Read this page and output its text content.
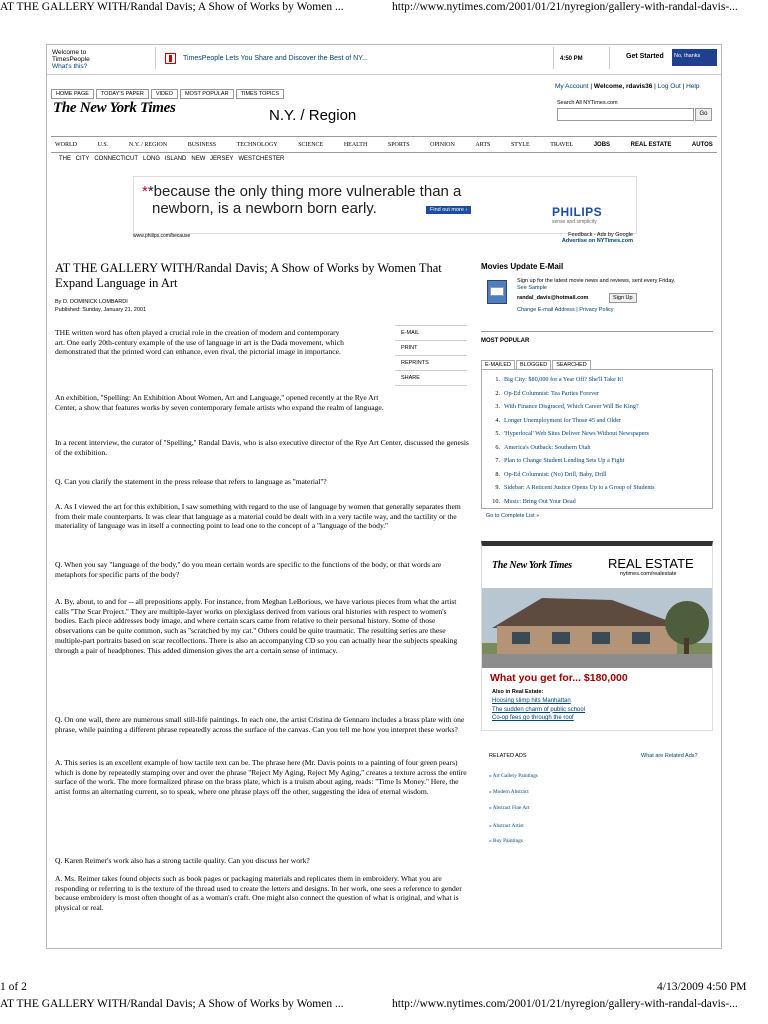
AT THE GALLERY WITH/Randal Davis; A Show of Works by Women ...	http://www.nytimes.com/2001/01/21/nyregion/gallery-with-randal-davis-...
Welcome to
TimesPeople
What's this?
TimesPeople Lets You Share and Discover the Best of NY...	4:50 PM	Get Started	No, thanks
HOME PAGE TODAY'S PAPER VIDEO MOST POPULAR TIMES TOPICS
My Account | Welcome, rdavis36 | Log Out | Help
The New York Times	N.Y. / Region
Search All NYTimes.com
Go
WORLD	U.S.	N.Y. / REGION	BUSINESS	TECHNOLOGY	SCIENCE	HEALTH	SPORTS	OPINION	ARTS	STYLE	TRAVEL	JOBS	REAL ESTATE	AUTOS
THE CITY CONNECTICUT LONG ISLAND NEW JERSEY WESTCHESTER
**because the only thing more vulnerable than a
newborn, is a newborn born early.	Find out more ›	PHILIPS
sense and simplicity
www.philips.com/because	Feedback - Ads by Google
Advertise on NYTimes.com
AT THE GALLERY WITH/Randal Davis; A Show of Works by Women That Expand Language in Art
By D. DOMINICK LOMBARDI
Published: Sunday, January 21, 2001
E-MAIL
PRINT
REPRINTS
SHARE
THE written word has often played a crucial role in the creation of modern and contemporary art. One early 20th-century example of the use of language in art is the Dada movement, which demonstrated that the printed word can enhance, even rival, the pictorial image in importance.
An exhibition, ''Spelling: An Exhibition About Women, Art and Language,'' opened recently at the Rye Art Center, a show that features works by seven contemporary female artists who expand the realm of language.
In a recent interview, the curator of ''Spelling,'' Randal Davis, who is also executive director of the Rye Art Center, discussed the genesis of the exhibition.
Q. Can you clarify the statement in the press release that refers to language as ''material''?
A. As I viewed the art for this exhibition, I saw something with regard to the use of language by women that generally separates them from their male counterparts. It was clear that language as a material could be dealt with in a very tactile way, and the tactility or the materiality of language was in itself a connecting point to lead one to the concept of a ''language of the body.''
Q. When you say ''language of the body,'' do you mean certain words are specific to the functions of the body, or that words are metaphors for specific parts of the body?
A. By, about, to and for -- all prepositions apply. For instance, from Meghan LeBorious, we have various pieces from what the artist calls ''The Scar Project.'' They are multiple-layer works on plexiglass derived from various oral histories with respect to women's bodies. Each piece addresses body image, and where certain scars came from relative to their personal history. Some of those observations can be quite common, such as ''scratched by my cat.'' Others could be quite traumatic. The resulting series are these multiple-part portraits based on scar recollections. There is also an accompanying CD so you can actually hear the subjects speaking through a pair of headphones. This added dimension gives the art a certain sense of intimacy.
Q. On one wall, there are numerous small still-life paintings. In each one, the artist Cristina de Gennaro includes a brass plate with one phrase, while painting a different phrase repeatedly across the surface of the canvas. Can you tell me how you interpret these works?
A. This series is an excellent example of how tactile text can be. The phrase here (Mr. Davis points to a painting of four green pears) which is done by repeatedly stamping over and over the phrase ''Reject My Aging, Reject My Aging,'' creates a texture across the entire surface of the work. The more formalized phrase on the brass plate, which is a truism about aging, reads: ''Time Is Money.'' Here, the artist forms an alternating current, so to speak, where one phrase plays off the other, suggesting the idea of eternal wisdom.
Q. Karen Reimer's work also has a strong tactile quality. Can you discuss her work?
A. Ms. Reimer takes found objects such as book pages or packaging materials and replicates them in embroidery. What you are responding or referring to is the texture of the thread used to create the letters and designs. In her work, one sees a reference to gender because embroidery is most often thought of as a woman's craft. One might also connect the question of what is original, and what is physical or real.
Movies Update E-Mail
Sign up for the latest movie news and reviews, sent every Friday.
See Sample
randal_davis@hotmail.com	Sign Up
Change E-mail Address | Privacy Policy
MOST POPULAR
E-MAILED BLOGGED SEARCHED
1. Big City: $80,000 for a Year Off? She'll Take It!
2. Op-Ed Columnist: Tea Parties Forever
3. With Finance Disgraced, Which Career Will Be King?
4. Longer Unemployment for Those 45 and Older
5. 'Hyperlocal' Web Sites Deliver News Without Newspapers
6. America's Outback: Southern Utah
7. Plan to Change Student Lending Sets Up a Fight
8. Op-Ed Columnist: (No) Drill, Baby, Drill
9. Sidebar: A Reticent Justice Opens Up to a Group of Students
10. Music: Bring Out Your Dead
Go to Complete List »
The New York Times	REAL ESTATE
nytimes.com/realestate
What you get for... $180,000
Also in Real Estate:
Hoosing slimp hits Manhattan
The sudden charm of public school
Co-op fees go through the roof
RELATED ADS	What are Related Ads?
» Art Gallery Paintings
» Modern Abstract
» Abstract Fine Art
» Abstract Artist
» Buy Paintings
1 of 2	4/13/2009 4:50 PM
AT THE GALLERY WITH/Randal Davis; A Show of Works by Women ...	http://www.nytimes.com/2001/01/21/nyregion/gallery-with-randal-davis-...
